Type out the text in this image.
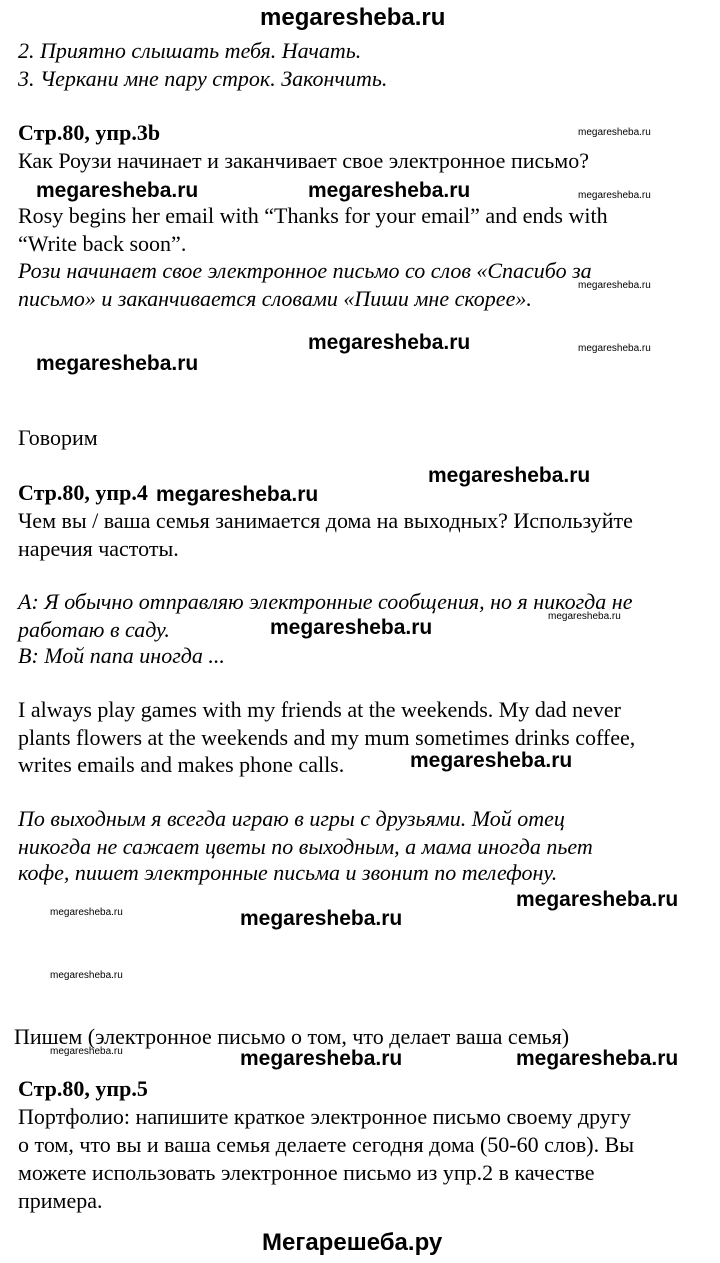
megaresheba.ru
2. Приятно слышать тебя. Начать.
3. Черкани мне пару строк. Закончить.
Стр.80, упр.3b	megaresheba.ru
Как Роузи начинает и заканчивает свое электронное письмо?
megaresheba.ru	megaresheba.ru	megaresheba.ru
Rosy begins her email with “Thanks for your email” and ends with
“Write back soon”.
Рози начинает свое электронное письмо со слов «Спасибо за
megaresheba.ru
письмо» и заканчивается словами «Пиши мне скорее».
megaresheba.ru	megaresheba.ru
megaresheba.ru
Говорим
megaresheba.ru
Стр.80, упр.4 megaresheba.ru
Чем вы / ваша семья занимается дома на выходных? Используйте
наречия частоты.
A: Я обычно отправляю электронные сообщения, но я никогда не
megaresheba.ru
работаю в саду.	megaresheba.ru
B: Мой папа иногда ...
I always play games with my friends at the weekends. My dad never
plants flowers at the weekends and my mum sometimes drinks coffee,
writes emails and makes phone calls.	megaresheba.ru
По выходным я всегда играю в игры с друзьями. Мой отец
никогда не сажает цветы по выходным, а мама иногда пьет
кофе, пишет электронные письма и звонит по телефону.
megaresheba.ru
megaresheba.ru	megaresheba.ru
megaresheba.ru
Пишем (электронное письмо о том, что делает ваша семья)
megaresheba.ru	megaresheba.ru	megaresheba.ru
Стр.80, упр.5
Портфолио: напишите краткое электронное письмо своему другу
о том, что вы и ваша семья делаете сегодня дома (50-60 слов). Вы
можете использовать электронное письмо из упр.2 в качестве
примера.
Мегарешеба.ру
